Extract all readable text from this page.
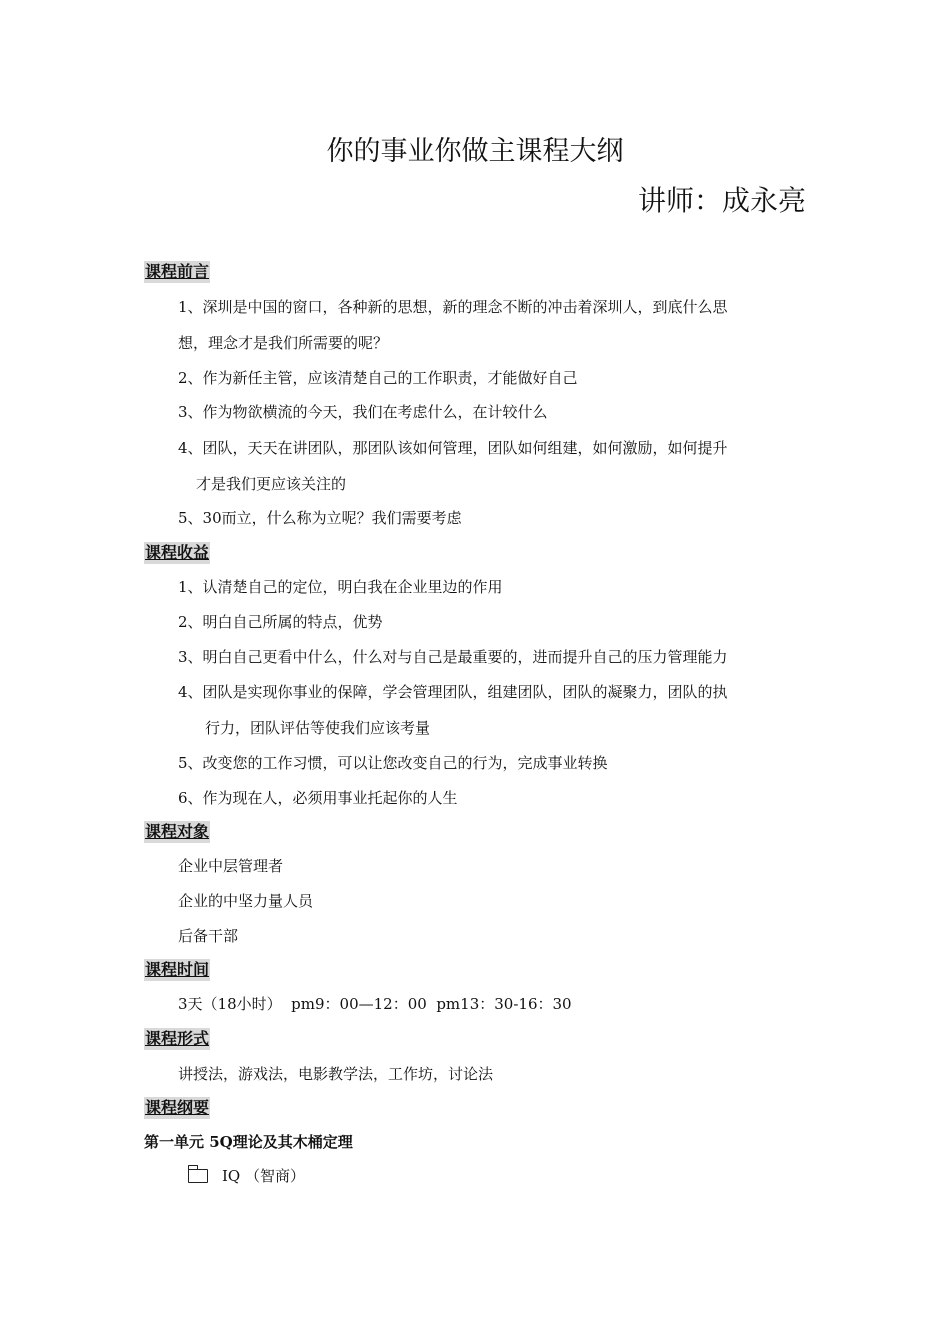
你的事业你做主课程大纲
讲师：成永亮
课程前言
1、深圳是中国的窗口，各种新的思想，新的理念不断的冲击着深圳人，到底什么思
想，理念才是我们所需要的呢？
2、作为新任主管，应该清楚自己的工作职责，才能做好自己
3、作为物欲横流的今天，我们在考虑什么，在计较什么
4、团队，天天在讲团队，那团队该如何管理，团队如何组建，如何激励，如何提升
才是我们更应该关注的
5、30而立，什么称为立呢？我们需要考虑
课程收益
1、认清楚自己的定位，明白我在企业里边的作用
2、明白自己所属的特点，优势
3、明白自己更看中什么，什么对与自己是最重要的，进而提升自己的压力管理能力
4、团队是实现你事业的保障，学会管理团队，组建团队，团队的凝聚力，团队的执
行力，团队评估等使我们应该考量
5、改变您的工作习惯，可以让您改变自己的行为，完成事业转换
6、作为现在人，必须用事业托起你的人生
课程对象
企业中层管理者
企业的中坚力量人员
后备干部
课程时间
3天（18小时）  pm9：00—12：00  pm13：30-16：30
课程形式
讲授法，游戏法，电影教学法，工作坊，讨论法
课程纲要
第一单元 5Q理论及其木桶定理
IQ （智商）
